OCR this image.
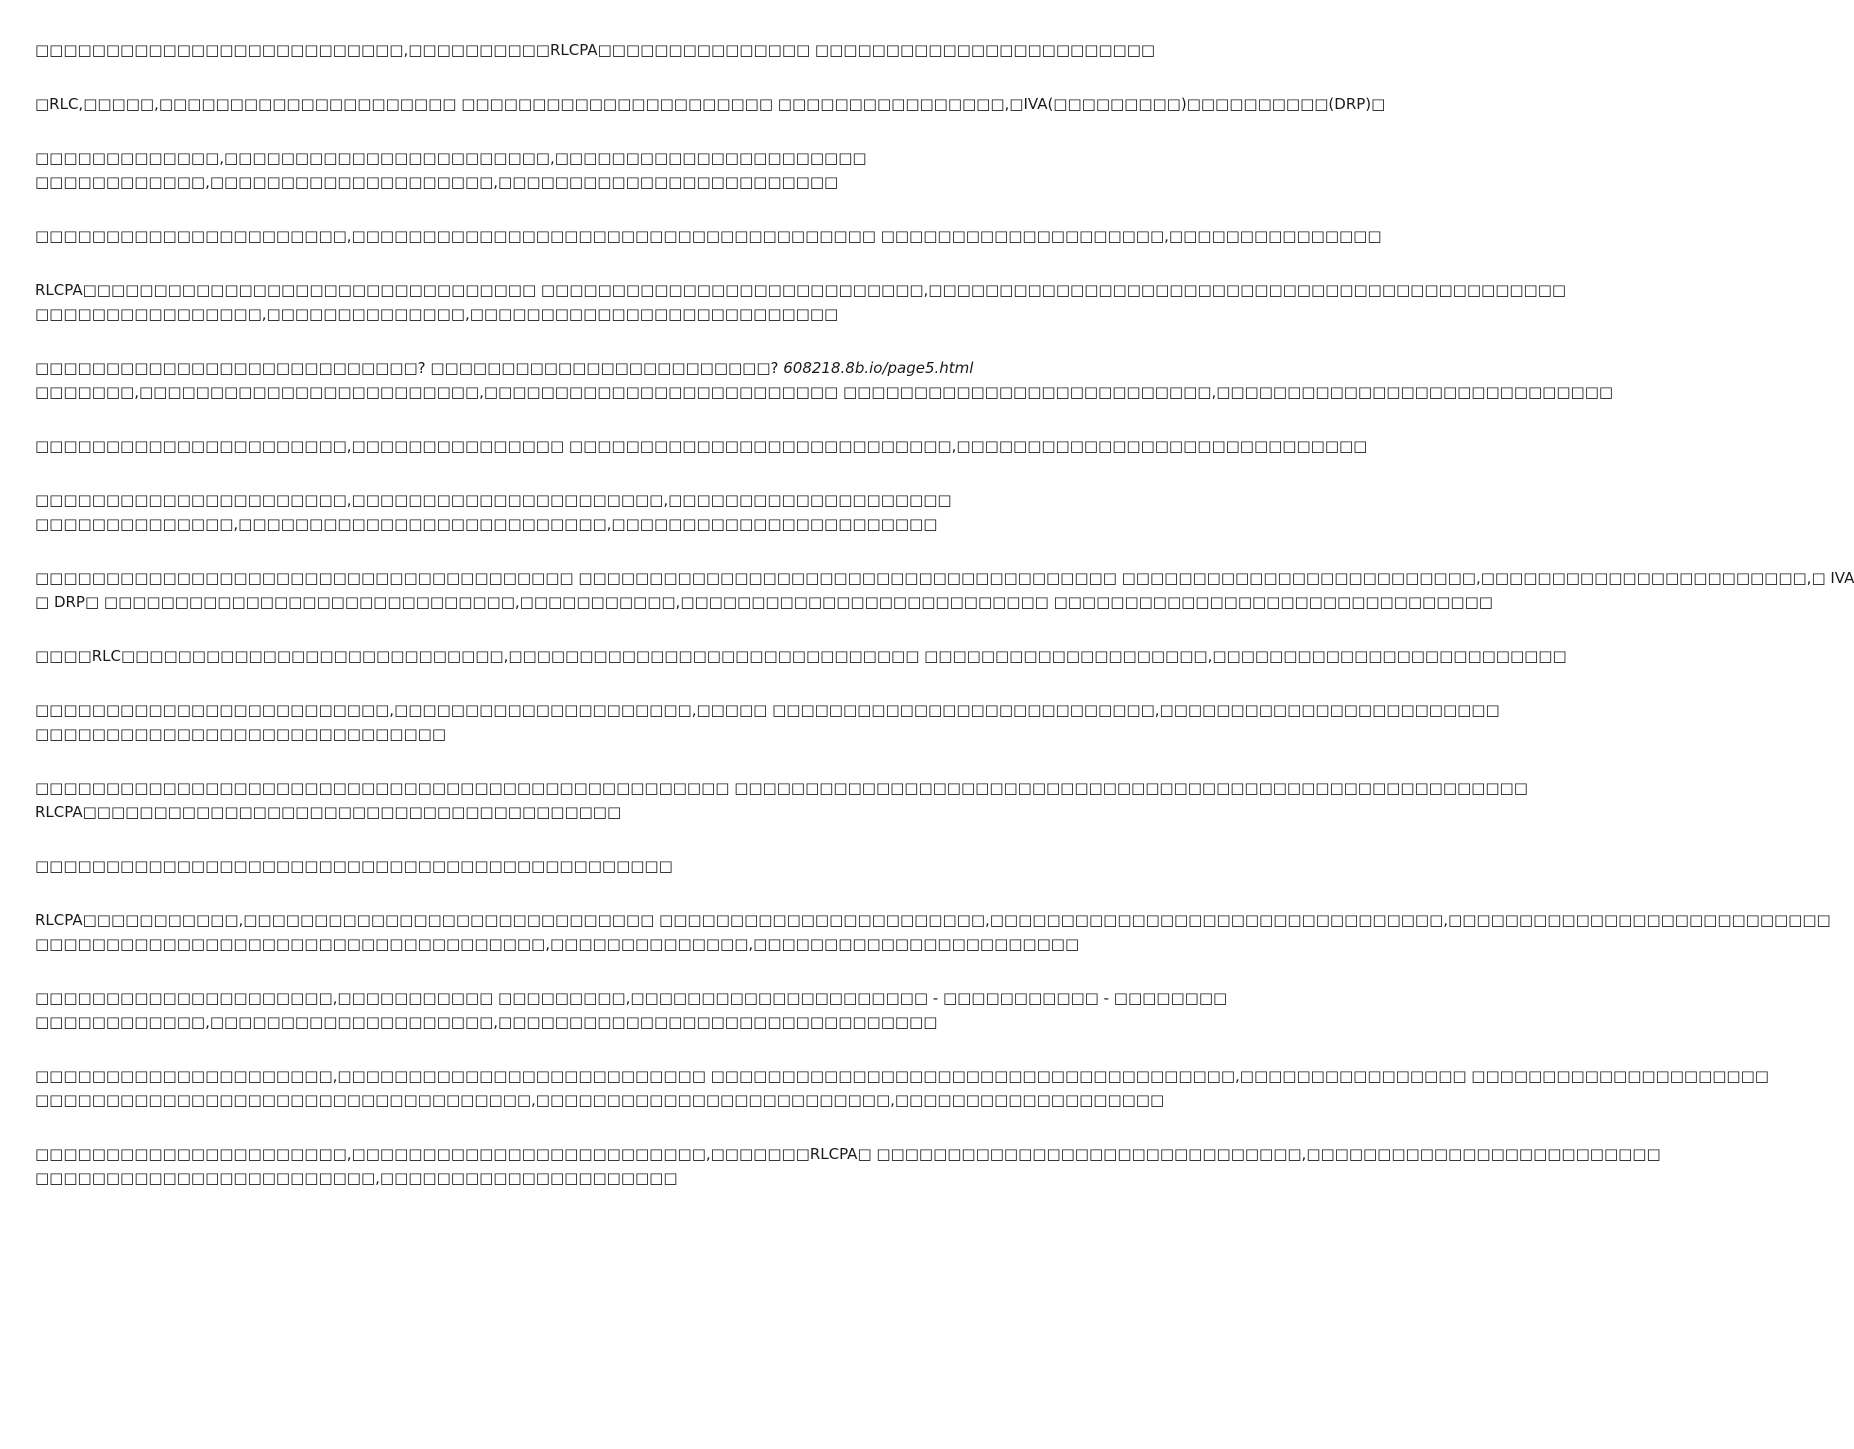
□□□□□□□□□□□□□□□□□□□□□□□□□□,□□□□□□□□□□RLCPA□□□□□□□□□□□□□□□ □□□□□□□□□□□□□□□□□□□□□□□□

□RLC,□□□□□,□□□□□□□□□□□□□□□□□□□□□ □□□□□□□□□□□□□□□□□□□□□□ □□□□□□□□□□□□□□□□,□IVA(□□□□□□□□□)□□□□□□□□□□(DRP)□

□□□□□□□□□□□□□,□□□□□□□□□□□□□□□□□□□□□□□,□□□□□□□□□□□□□□□□□□□□□□
□□□□□□□□□□□□,□□□□□□□□□□□□□□□□□□□□,□□□□□□□□□□□□□□□□□□□□□□□□

□□□□□□□□□□□□□□□□□□□□□□,□□□□□□□□□□□□□□□□□□□□□□□□□□□□□□□□□□□□□ □□□□□□□□□□□□□□□□□□□□,□□□□□□□□□□□□□□□

RLCPA□□□□□□□□□□□□□□□□□□□□□□□□□□□□□□□□ □□□□□□□□□□□□□□□□□□□□□□□□□□□,□□□□□□□□□□□□□□□□□□□□□□□□□□□□□□□□□□□□□□□□□□□□□
□□□□□□□□□□□□□□□□,□□□□□□□□□□□□□□,□□□□□□□□□□□□□□□□□□□□□□□□□□

□□□□□□□□□□□□□□□□□□□□□□□□□□□? □□□□□□□□□□□□□□□□□□□□□□□□? 608218.8b.io/page5.html
□□□□□□□,□□□□□□□□□□□□□□□□□□□□□□□□,□□□□□□□□□□□□□□□□□□□□□□□□□ □□□□□□□□□□□□□□□□□□□□□□□□□□,□□□□□□□□□□□□□□□□□□□□□□□□□□□□

□□□□□□□□□□□□□□□□□□□□□□,□□□□□□□□□□□□□□□ □□□□□□□□□□□□□□□□□□□□□□□□□□□,□□□□□□□□□□□□□□□□□□□□□□□□□□□□□

□□□□□□□□□□□□□□□□□□□□□□,□□□□□□□□□□□□□□□□□□□□□□,□□□□□□□□□□□□□□□□□□□□
□□□□□□□□□□□□□□,□□□□□□□□□□□□□□□□□□□□□□□□□□,□□□□□□□□□□□□□□□□□□□□□□□

□□□□□□□□□□□□□□□□□□□□□□□□□□□□□□□□□□□□□□ □□□□□□□□□□□□□□□□□□□□□□□□□□□□□□□□□□□□□□ □□□□□□□□□□□□□□□□□□□□□□□□□,□□□□□□□□□□□□□□□□□□□□□□□,□ IVA
□ DRP□ □□□□□□□□□□□□□□□□□□□□□□□□□□□□□,□□□□□□□□□□□,□□□□□□□□□□□□□□□□□□□□□□□□□□ □□□□□□□□□□□□□□□□□□□□□□□□□□□□□□□

□□□□RLC□□□□□□□□□□□□□□□□□□□□□□□□□□□,□□□□□□□□□□□□□□□□□□□□□□□□□□□□□ □□□□□□□□□□□□□□□□□□□□,□□□□□□□□□□□□□□□□□□□□□□□□□

□□□□□□□□□□□□□□□□□□□□□□□□□,□□□□□□□□□□□□□□□□□□□□□,□□□□□ □□□□□□□□□□□□□□□□□□□□□□□□□□□,□□□□□□□□□□□□□□□□□□□□□□□□
□□□□□□□□□□□□□□□□□□□□□□□□□□□□□

□□□□□□□□□□□□□□□□□□□□□□□□□□□□□□□□□□□□□□□□□□□□□□□□□ □□□□□□□□□□□□□□□□□□□□□□□□□□□□□□□□□□□□□□□□□□□□□□□□□□□□□□□□
RLCPA□□□□□□□□□□□□□□□□□□□□□□□□□□□□□□□□□□□□□□

□□□□□□□□□□□□□□□□□□□□□□□□□□□□□□□□□□□□□□□□□□□□□

RLCPA□□□□□□□□□□□,□□□□□□□□□□□□□□□□□□□□□□□□□□□□□ □□□□□□□□□□□□□□□□□□□□□□□,□□□□□□□□□□□□□□□□□□□□□□□□□□□□□□□□,□□□□□□□□□□□□□□□□□□□□□□□□□□□
□□□□□□□□□□□□□□□□□□□□□□□□□□□□□□□□□□□□,□□□□□□□□□□□□□□,□□□□□□□□□□□□□□□□□□□□□□□

□□□□□□□□□□□□□□□□□□□□□,□□□□□□□□□□□ □□□□□□□□□,□□□□□□□□□□□□□□□□□□□□□ - □□□□□□□□□□□ - □□□□□□□□
□□□□□□□□□□□□,□□□□□□□□□□□□□□□□□□□□,□□□□□□□□□□□□□□□□□□□□□□□□□□□□□□□

□□□□□□□□□□□□□□□□□□□□□,□□□□□□□□□□□□□□□□□□□□□□□□□□ □□□□□□□□□□□□□□□□□□□□□□□□□□□□□□□□□□□□□,□□□□□□□□□□□□□□□□ □□□□□□□□□□□□□□□□□□□□□
□□□□□□□□□□□□□□□□□□□□□□□□□□□□□□□□□□□,□□□□□□□□□□□□□□□□□□□□□□□□□,□□□□□□□□□□□□□□□□□□□

□□□□□□□□□□□□□□□□□□□□□□,□□□□□□□□□□□□□□□□□□□□□□□□□,□□□□□□□RLCPA□ □□□□□□□□□□□□□□□□□□□□□□□□□□□□□□,□□□□□□□□□□□□□□□□□□□□□□□□□
□□□□□□□□□□□□□□□□□□□□□□□□,□□□□□□□□□□□□□□□□□□□□□
